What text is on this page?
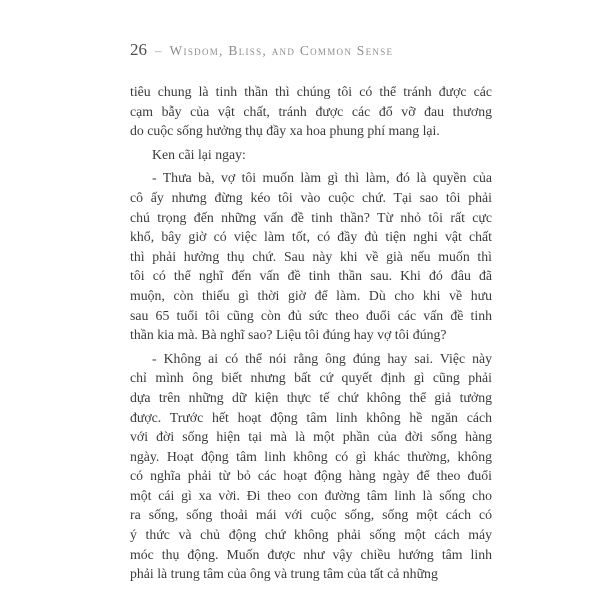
26 – Wisdom, Bliss, and Common Sense
tiêu chung là tinh thần thì chúng tôi có thể tránh được các
cạm bẫy của vật chất, tránh được các đổ vỡ đau thương
do cuộc sống hưởng thụ đầy xa hoa phung phí mang lại.
Ken cãi lại ngay:
- Thưa bà, vợ tôi muốn làm gì thì làm, đó là quyền của
cô ấy nhưng đừng kéo tôi vào cuộc chứ. Tại sao tôi phải
chú trọng đến những vấn đề tinh thần? Từ nhỏ tôi rất cực
khổ, bây giờ có việc làm tốt, có đầy đủ tiện nghi vật chất
thì phải hưởng thụ chứ. Sau này khi về già nếu muốn thì
tôi có thể nghĩ đến vấn đề tinh thần sau. Khi đó đâu đã
muộn, còn thiếu gì thời giờ để làm. Dù cho khi về hưu
sau 65 tuổi tôi cũng còn đủ sức theo đuổi các vấn đề tinh
thần kia mà. Bà nghĩ sao? Liệu tôi đúng hay vợ tôi đúng?
- Không ai có thể nói rằng ông đúng hay sai. Việc này
chỉ mình ông biết nhưng bất cứ quyết định gì cũng phải
dựa trên những dữ kiện thực tế chứ không thể giả tưởng
được. Trước hết hoạt động tâm linh không hề ngăn cách
với đời sống hiện tại mà là một phần của đời sống hàng
ngày. Hoạt động tâm linh không có gì khác thường, không
có nghĩa phải từ bỏ các hoạt động hàng ngày để theo đuổi
một cái gì xa vời. Đi theo con đường tâm linh là sống cho
ra sống, sống thoải mái với cuộc sống, sống một cách có
ý thức và chủ động chứ không phải sống một cách máy
móc thụ động. Muốn được như vậy chiều hướng tâm linh
phải là trung tâm của ông và trung tâm của tất cả những
